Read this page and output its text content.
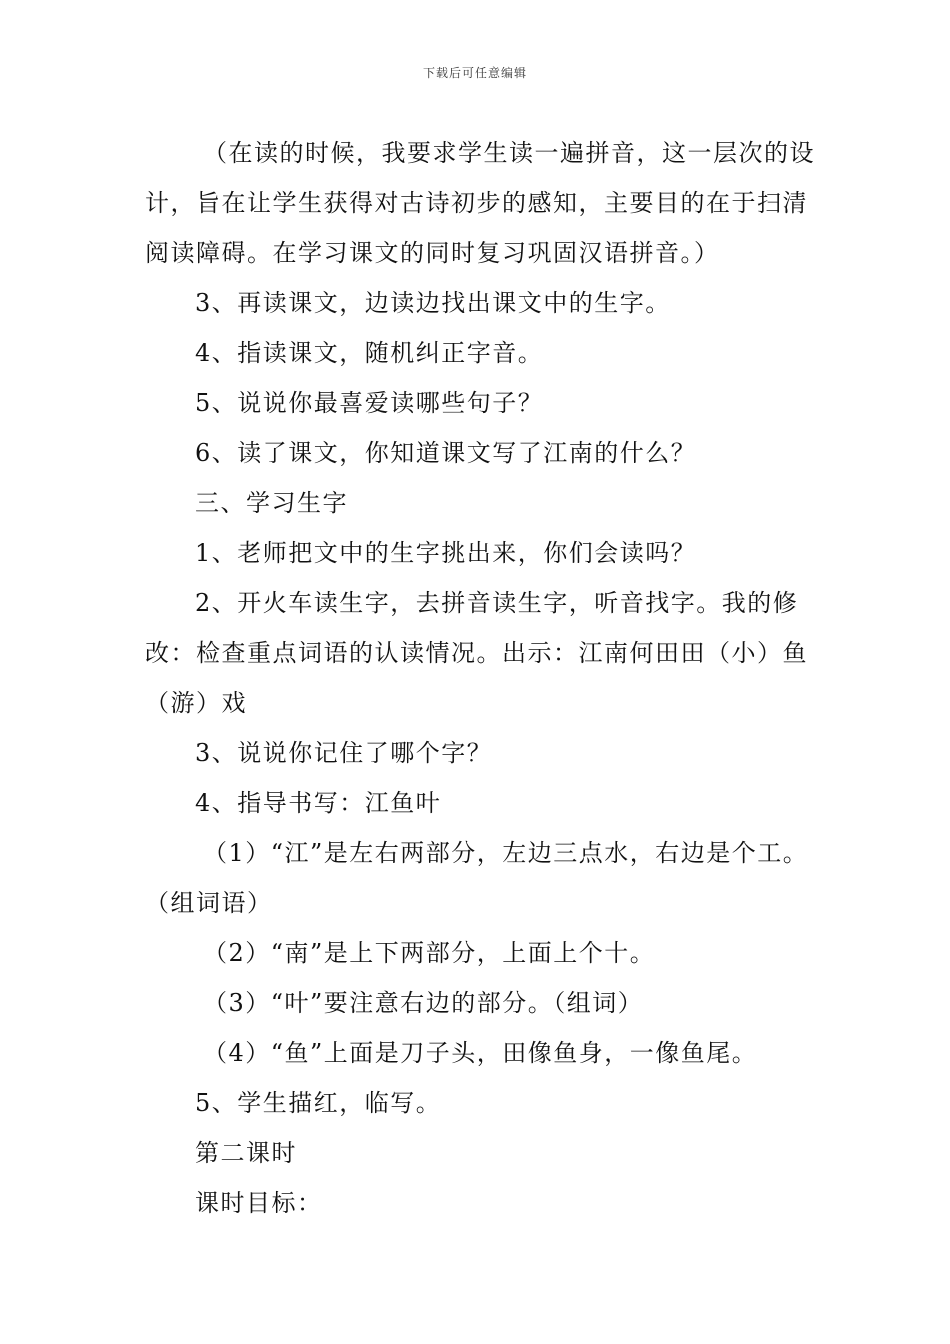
下载后可任意编辑

（在读的时候，我要求学生读一遍拼音，这一层次的设计，旨在让学生获得对古诗初步的感知，主要目的在于扫清阅读障碍。在学习课文的同时复习巩固汉语拼音。）

3、再读课文，边读边找出课文中的生字。

4、指读课文，随机纠正字音。

5、说说你最喜爱读哪些句子？

6、读了课文，你知道课文写了江南的什么？

三、学习生字

1、老师把文中的生字挑出来，你们会读吗？

2、开火车读生字，去拼音读生字，听音找字。我的修改：检查重点词语的认读情况。出示：江南何田田（小）鱼（游）戏

3、说说你记住了哪个字？

4、指导书写：江鱼叶

（1）“江”是左右两部分，左边三点水，右边是个工。（组词语）

（2）“南”是上下两部分，上面上个十。

（3）“叶”要注意右边的部分。（组词）

（4）“鱼”上面是刀子头，田像鱼身，一像鱼尾。

5、学生描红，临写。

第二课时

课时目标：
